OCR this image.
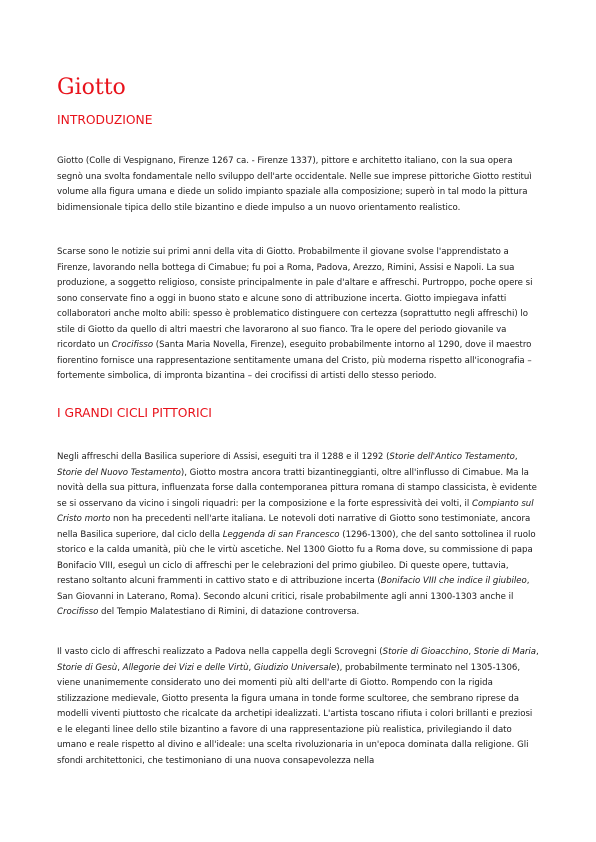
Giotto
INTRODUZIONE

Giotto (Colle di Vespignano, Firenze 1267 ca. - Firenze 1337), pittore e architetto italiano, con la sua opera segnò una svolta fondamentale nello sviluppo dell'arte occidentale. Nelle sue imprese pittoriche Giotto restituì volume alla figura umana e diede un solido impianto spaziale alla composizione; superò in tal modo la pittura bidimensionale tipica dello stile bizantino e diede impulso a un nuovo orientamento realistico.

Scarse sono le notizie sui primi anni della vita di Giotto. Probabilmente il giovane svolse l'apprendistato a Firenze, lavorando nella bottega di Cimabue; fu poi a Roma, Padova, Arezzo, Rimini, Assisi e Napoli. La sua produzione, a soggetto religioso, consiste principalmente in pale d'altare e affreschi. Purtroppo, poche opere si sono conservate fino a oggi in buono stato e alcune sono di attribuzione incerta. Giotto impiegava infatti collaboratori anche molto abili: spesso è problematico distinguere con certezza (soprattutto negli affreschi) lo stile di Giotto da quello di altri maestri che lavorarono al suo fianco. Tra le opere del periodo giovanile va ricordato un Crocifisso (Santa Maria Novella, Firenze), eseguito probabilmente intorno al 1290, dove il maestro fiorentino fornisce una rappresentazione sentitamente umana del Cristo, più moderna rispetto all'iconografia – fortemente simbolica, di impronta bizantina – dei crocifissi di artisti dello stesso periodo.

I GRANDI CICLI PITTORICI

Negli affreschi della Basilica superiore di Assisi, eseguiti tra il 1288 e il 1292 (Storie dell'Antico Testamento, Storie del Nuovo Testamento), Giotto mostra ancora tratti bizantineggianti, oltre all'influsso di Cimabue. Ma la novità della sua pittura, influenzata forse dalla contemporanea pittura romana di stampo classicista, è evidente se si osservano da vicino i singoli riquadri: per la composizione e la forte espressività dei volti, il Compianto sul Cristo morto non ha precedenti nell'arte italiana. Le notevoli doti narrative di Giotto sono testimoniate, ancora nella Basilica superiore, dal ciclo della Leggenda di san Francesco (1296-1300), che del santo sottolinea il ruolo storico e la calda umanità, più che le virtù ascetiche. Nel 1300 Giotto fu a Roma dove, su commissione di papa Bonifacio VIII, eseguì un ciclo di affreschi per le celebrazioni del primo giubileo. Di queste opere, tuttavia, restano soltanto alcuni frammenti in cattivo stato e di attribuzione incerta (Bonifacio VIII che indice il giubileo, San Giovanni in Laterano, Roma). Secondo alcuni critici, risale probabilmente agli anni 1300-1303 anche il Crocifisso del Tempio Malatestiano di Rimini, di datazione controversa.

Il vasto ciclo di affreschi realizzato a Padova nella cappella degli Scrovegni (Storie di Gioacchino, Storie di Maria, Storie di Gesù, Allegorie dei Vizi e delle Virtù, Giudizio Universale), probabilmente terminato nel 1305-1306, viene unanimemente considerato uno dei momenti più alti dell'arte di Giotto. Rompendo con la rigida stilizzazione medievale, Giotto presenta la figura umana in tonde forme scultoree, che sembrano riprese da modelli viventi piuttosto che ricalcate da archetipi idealizzati. L'artista toscano rifiuta i colori brillanti e preziosi e le eleganti linee dello stile bizantino a favore di una rappresentazione più realistica, privilegiando il dato umano e reale rispetto al divino e all'ideale: una scelta rivoluzionaria in un'epoca dominata dalla religione. Gli sfondi architettonici, che testimoniano di una nuova consapevolezza nella
